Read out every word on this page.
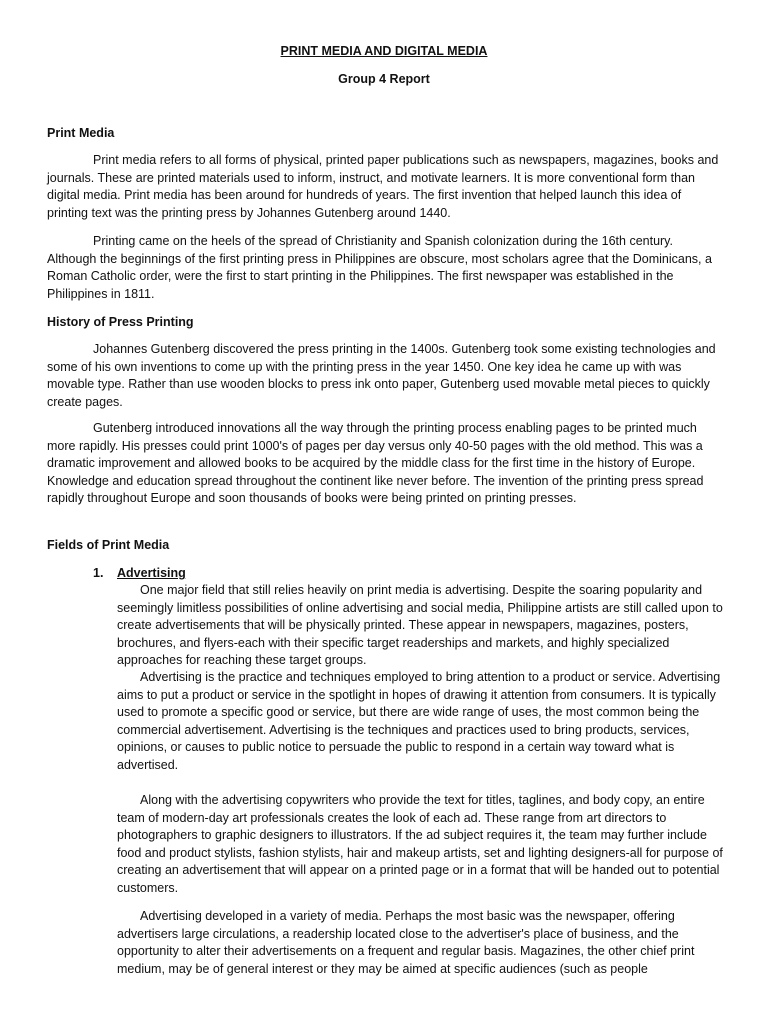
PRINT MEDIA AND DIGITAL MEDIA
Group 4 Report
Print Media

Print media refers to all forms of physical, printed paper publications such as newspapers, magazines, books and journals. These are printed materials used to inform, instruct, and motivate learners. It is more conventional form than digital media. Print media has been around for hundreds of years. The first invention that helped launch this idea of printing text was the printing press by Johannes Gutenberg around 1440.

Printing came on the heels of the spread of Christianity and Spanish colonization during the 16th century. Although the beginnings of the first printing press in Philippines are obscure, most scholars agree that the Dominicans, a Roman Catholic order, were the first to start printing in the Philippines. The first newspaper was established in the Philippines in 1811.

History of Press Printing

Johannes Gutenberg discovered the press printing in the 1400s. Gutenberg took some existing technologies and some of his own inventions to come up with the printing press in the year 1450. One key idea he came up with was movable type. Rather than use wooden blocks to press ink onto paper, Gutenberg used movable metal pieces to quickly create pages.

Gutenberg introduced innovations all the way through the printing process enabling pages to be printed much more rapidly. His presses could print 1000's of pages per day versus only 40-50 pages with the old method. This was a dramatic improvement and allowed books to be acquired by the middle class for the first time in the history of Europe. Knowledge and education spread throughout the continent like never before. The invention of the printing press spread rapidly throughout Europe and soon thousands of books were being printed on printing presses.

Fields of Print Media
1. Advertising

One major field that still relies heavily on print media is advertising. Despite the soaring popularity and seemingly limitless possibilities of online advertising and social media, Philippine artists are still called upon to create advertisements that will be physically printed. These appear in newspapers, magazines, posters, brochures, and flyers-each with their specific target readerships and markets, and highly specialized approaches for reaching these target groups.

Advertising is the practice and techniques employed to bring attention to a product or service. Advertising aims to put a product or service in the spotlight in hopes of drawing it attention from consumers. It is typically used to promote a specific good or service, but there are wide range of uses, the most common being the commercial advertisement. Advertising is the techniques and practices used to bring products, services, opinions, or causes to public notice to persuade the public to respond in a certain way toward what is advertised.

Along with the advertising copywriters who provide the text for titles, taglines, and body copy, an entire team of modern-day art professionals creates the look of each ad. These range from art directors to photographers to graphic designers to illustrators. If the ad subject requires it, the team may further include food and product stylists, fashion stylists, hair and makeup artists, set and lighting designers-all for purpose of creating an advertisement that will appear on a printed page or in a format that will be handed out to potential customers.

Advertising developed in a variety of media. Perhaps the most basic was the newspaper, offering advertisers large circulations, a readership located close to the advertiser's place of business, and the opportunity to alter their advertisements on a frequent and regular basis. Magazines, the other chief print medium, may be of general interest or they may be aimed at specific audiences (such as people
